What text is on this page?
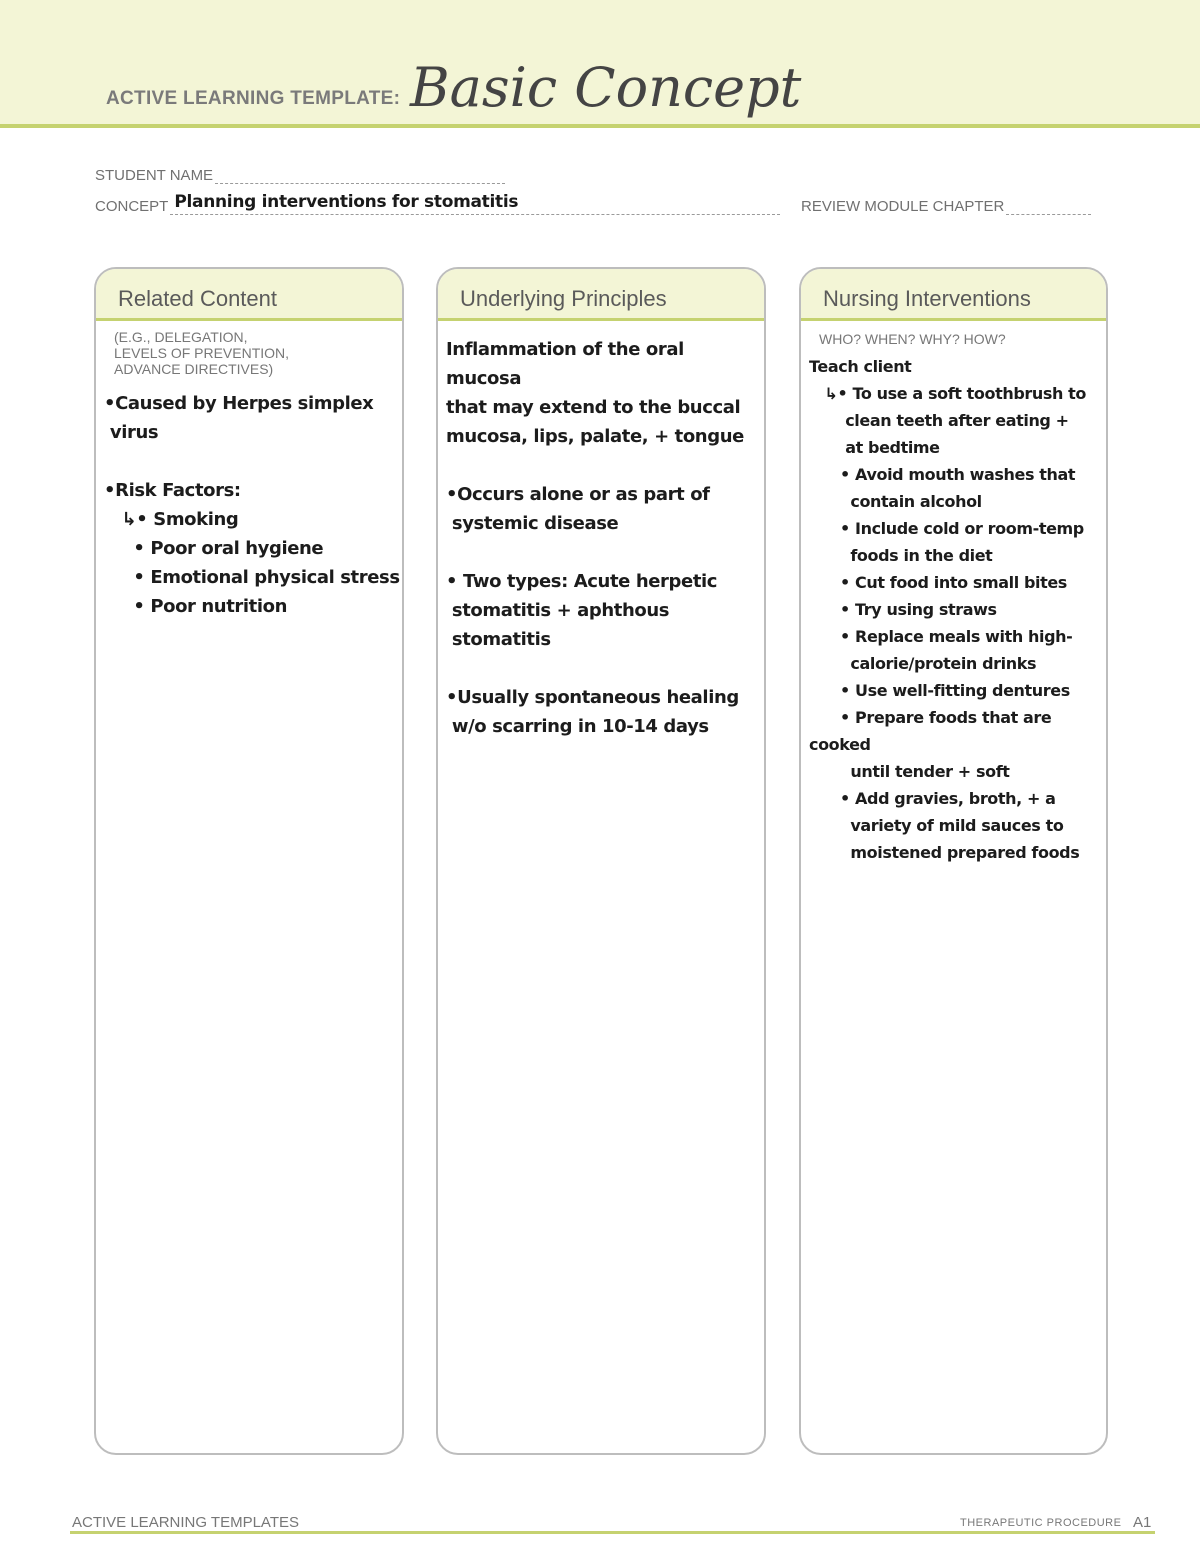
ACTIVE LEARNING TEMPLATE: Basic Concept
STUDENT NAME
CONCEPT Planning interventions for stomatitis	REVIEW MODULE CHAPTER
Related Content
(E.G., DELEGATION,
LEVELS OF PREVENTION,
ADVANCE DIRECTIVES)
•Caused by Herpes simplex
virus

•Risk Factors:
↳• Smoking
• Poor oral hygiene
• Emotional physical stress
• Poor nutrition
Underlying Principles
Inflammation of the oral mucosa
that may extend to the buccal
mucosa, lips, palate, + tongue

•Occurs alone or as part of
systemic disease

• Two types: Acute herpetic
stomatitis + aphthous
stomatitis

•Usually spontaneous healing
w/o scarring in 10-14 days
Nursing Interventions
WHO? WHEN? WHY? HOW?
Teach client
↳• To use a soft toothbrush to
clean teeth after eating +
at bedtime
• Avoid mouth washes that
contain alcohol
• Include cold or room-temp
foods in the diet
• Cut food into small bites
• Try using straws
• Replace meals with high-
calorie/protein drinks
• Use well-fitting dentures
• Prepare foods that are cooked
until tender + soft
• Add gravies, broth, + a
variety of mild sauces to
moistened prepared foods
ACTIVE LEARNING TEMPLATES	THERAPEUTIC PROCEDURE A1
